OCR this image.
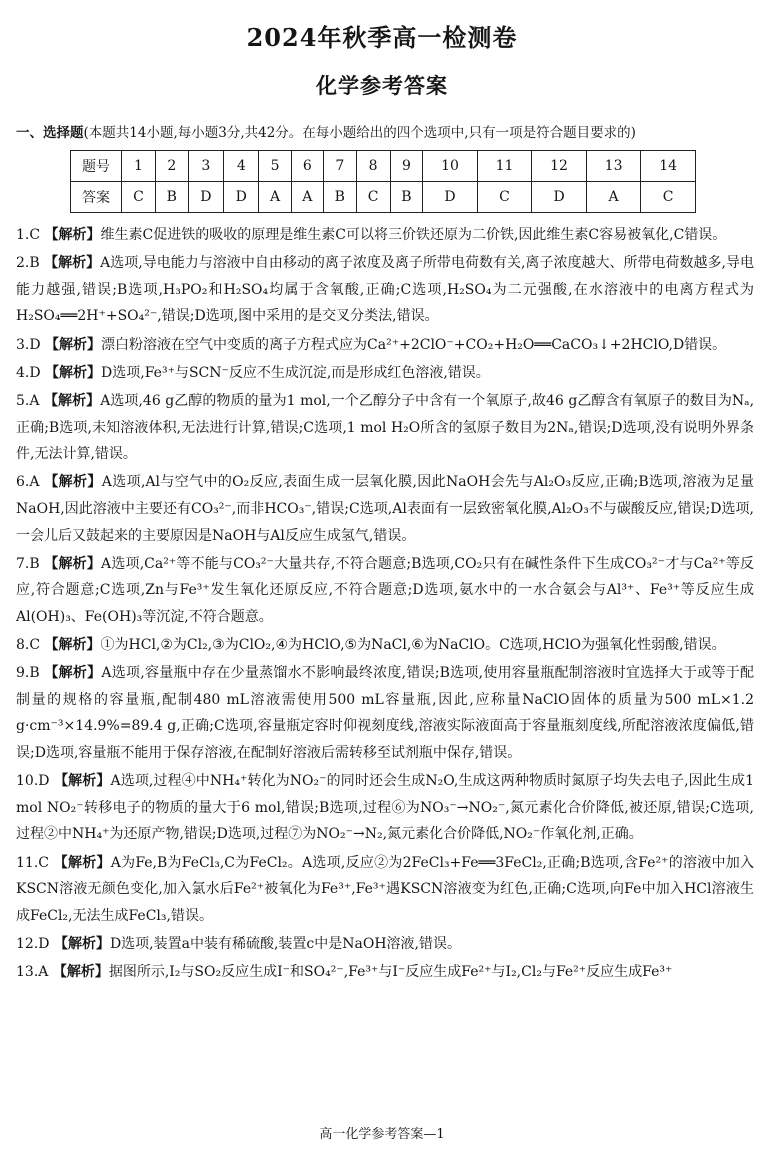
2024年秋季高一检测卷
化学参考答案
一、选择题(本题共14小题,每小题3分,共42分。在每小题给出的四个选项中,只有一项是符合题目要求的)
题号	1	2	3	4	5	6	7	8	9	10	11	12	13	14
答案	C	B	D	D	A	A	B	C	B	D	C	D	A	C
1.C 【解析】维生素C促进铁的吸收的原理是维生素C可以将三价铁还原为二价铁,因此维生素C容易被氧化,C错误。
2.B 【解析】A选项,导电能力与溶液中自由移动的离子浓度及离子所带电荷数有关,离子浓度越大、所带电荷数越多,导电能力越强,错误;B选项,H₃PO₂和H₂SO₄均属于含氧酸,正确;C选项,H₂SO₄为二元强酸,在水溶液中的电离方程式为H₂SO₄══2H⁺+SO₄²⁻,错误;D选项,图中采用的是交叉分类法,错误。
3.D 【解析】漂白粉溶液在空气中变质的离子方程式应为Ca²⁺+2ClO⁻+CO₂+H₂O══CaCO₃↓+2HClO,D错误。
4.D 【解析】D选项,Fe³⁺与SCN⁻反应不生成沉淀,而是形成红色溶液,错误。
5.A 【解析】A选项,46 g乙醇的物质的量为1 mol,一个乙醇分子中含有一个氧原子,故46 g乙醇含有氧原子的数目为Nₐ,正确;B选项,未知溶液体积,无法进行计算,错误;C选项,1 mol H₂O所含的氢原子数目为2Nₐ,错误;D选项,没有说明外界条件,无法计算,错误。
6.A 【解析】A选项,Al与空气中的O₂反应,表面生成一层氧化膜,因此NaOH会先与Al₂O₃反应,正确;B选项,溶液为足量NaOH,因此溶液中主要还有CO₃²⁻,而非HCO₃⁻,错误;C选项,Al表面有一层致密氧化膜,Al₂O₃不与碳酸反应,错误;D选项,一会儿后又鼓起来的主要原因是NaOH与Al反应生成氢气,错误。
7.B 【解析】A选项,Ca²⁺等不能与CO₃²⁻大量共存,不符合题意;B选项,CO₂只有在碱性条件下生成CO₃²⁻才与Ca²⁺等反应,符合题意;C选项,Zn与Fe³⁺发生氧化还原反应,不符合题意;D选项,氨水中的一水合氨会与Al³⁺、Fe³⁺等反应生成Al(OH)₃、Fe(OH)₃等沉淀,不符合题意。
8.C 【解析】①为HCl,②为Cl₂,③为ClO₂,④为HClO,⑤为NaCl,⑥为NaClO。C选项,HClO为强氧化性弱酸,错误。
9.B 【解析】A选项,容量瓶中存在少量蒸馏水不影响最终浓度,错误;B选项,使用容量瓶配制溶液时宜选择大于或等于配制量的规格的容量瓶,配制480 mL溶液需使用500 mL容量瓶,因此,应称量NaClO固体的质量为500 mL×1.2 g·cm⁻³×14.9%=89.4 g,正确;C选项,容量瓶定容时仰视刻度线,溶液实际液面高于容量瓶刻度线,所配溶液浓度偏低,错误;D选项,容量瓶不能用于保存溶液,在配制好溶液后需转移至试剂瓶中保存,错误。
10.D 【解析】A选项,过程④中NH₄⁺转化为NO₂⁻的同时还会生成N₂O,生成这两种物质时氮原子均失去电子,因此生成1 mol NO₂⁻转移电子的物质的量大于6 mol,错误;B选项,过程⑥为NO₃⁻→NO₂⁻,氮元素化合价降低,被还原,错误;C选项,过程②中NH₄⁺为还原产物,错误;D选项,过程⑦为NO₂⁻→N₂,氮元素化合价降低,NO₂⁻作氧化剂,正确。
11.C 【解析】A为Fe,B为FeCl₃,C为FeCl₂。A选项,反应②为2FeCl₃+Fe══3FeCl₂,正确;B选项,含Fe²⁺的溶液中加入KSCN溶液无颜色变化,加入氯水后Fe²⁺被氧化为Fe³⁺,Fe³⁺遇KSCN溶液变为红色,正确;C选项,向Fe中加入HCl溶液生成FeCl₂,无法生成FeCl₃,错误。
12.D 【解析】D选项,装置a中装有稀硫酸,装置c中是NaOH溶液,错误。
13.A 【解析】据图所示,I₂与SO₂反应生成I⁻和SO₄²⁻,Fe³⁺与I⁻反应生成Fe²⁺与I₂,Cl₂与Fe²⁺反应生成Fe³⁺
高一化学参考答案—1
